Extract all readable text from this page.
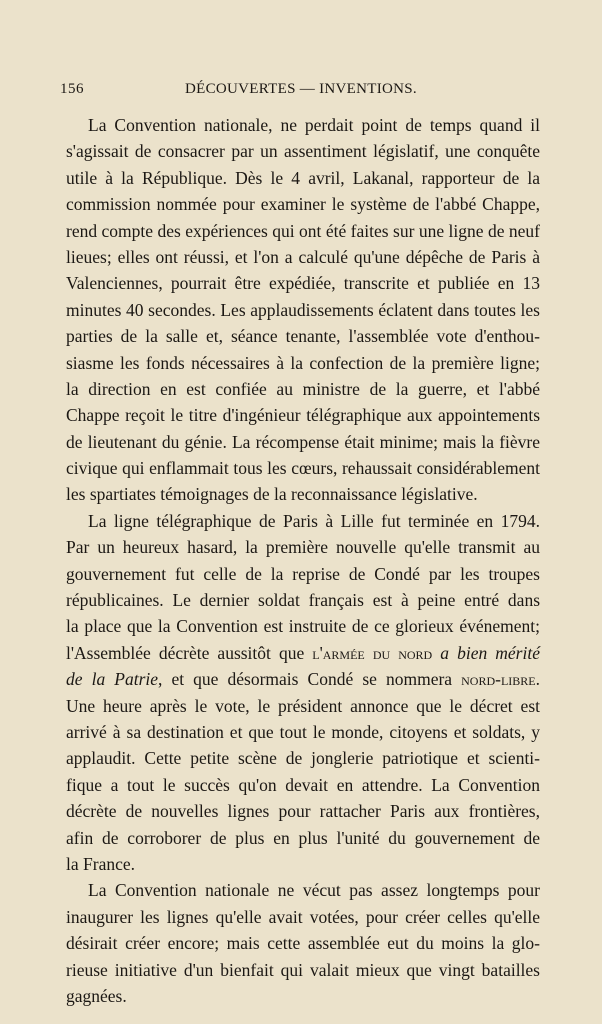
156	DÉCOUVERTES — INVENTIONS.
La Convention nationale, ne perdait point de temps quand il
s'agissait de consacrer par un assentiment législatif, une conquête
utile à la République. Dès le 4 avril, Lakanal, rapporteur de la
commission nommée pour examiner le système de l'abbé Chappe,
rend compte des expériences qui ont été faites sur une ligne de neuf
lieues; elles ont réussi, et l'on a calculé qu'une dépêche de Paris à
Valenciennes, pourrait être expédiée, transcrite et publiée en 13
minutes 40 secondes. Les applaudissements éclatent dans toutes les
parties de la salle et, séance tenante, l'assemblée vote d'enthou-
siasme les fonds nécessaires à la confection de la première ligne;
la direction en est confiée au ministre de la guerre, et l'abbé
Chappe reçoit le titre d'ingénieur télégraphique aux appointements
de lieutenant du génie. La récompense était minime; mais la fièvre
civique qui enflammait tous les cœurs, rehaussait considérablement
les spartiates témoignages de la reconnaissance législative.
La ligne télégraphique de Paris à Lille fut terminée en 1794.
Par un heureux hasard, la première nouvelle qu'elle transmit au
gouvernement fut celle de la reprise de Condé par les troupes
républicaines. Le dernier soldat français est à peine entré dans
la place que la Convention est instruite de ce glorieux événement;
l'Assemblée décrète aussitôt que l'armée du nord a bien mérité
de la Patrie, et que désormais Condé se nommera nord-libre.
Une heure après le vote, le président annonce que le décret est
arrivé à sa destination et que tout le monde, citoyens et soldats, y
applaudit. Cette petite scène de jonglerie patriotique et scienti-
fique a tout le succès qu'on devait en attendre. La Convention
décrète de nouvelles lignes pour rattacher Paris aux frontières,
afin de corroborer de plus en plus l'unité du gouvernement de
la France.
La Convention nationale ne vécut pas assez longtemps pour
inaugurer les lignes qu'elle avait votées, pour créer celles qu'elle
désirait créer encore; mais cette assemblée eut du moins la glo-
rieuse initiative d'un bienfait qui valait mieux que vingt batailles
gagnées.
